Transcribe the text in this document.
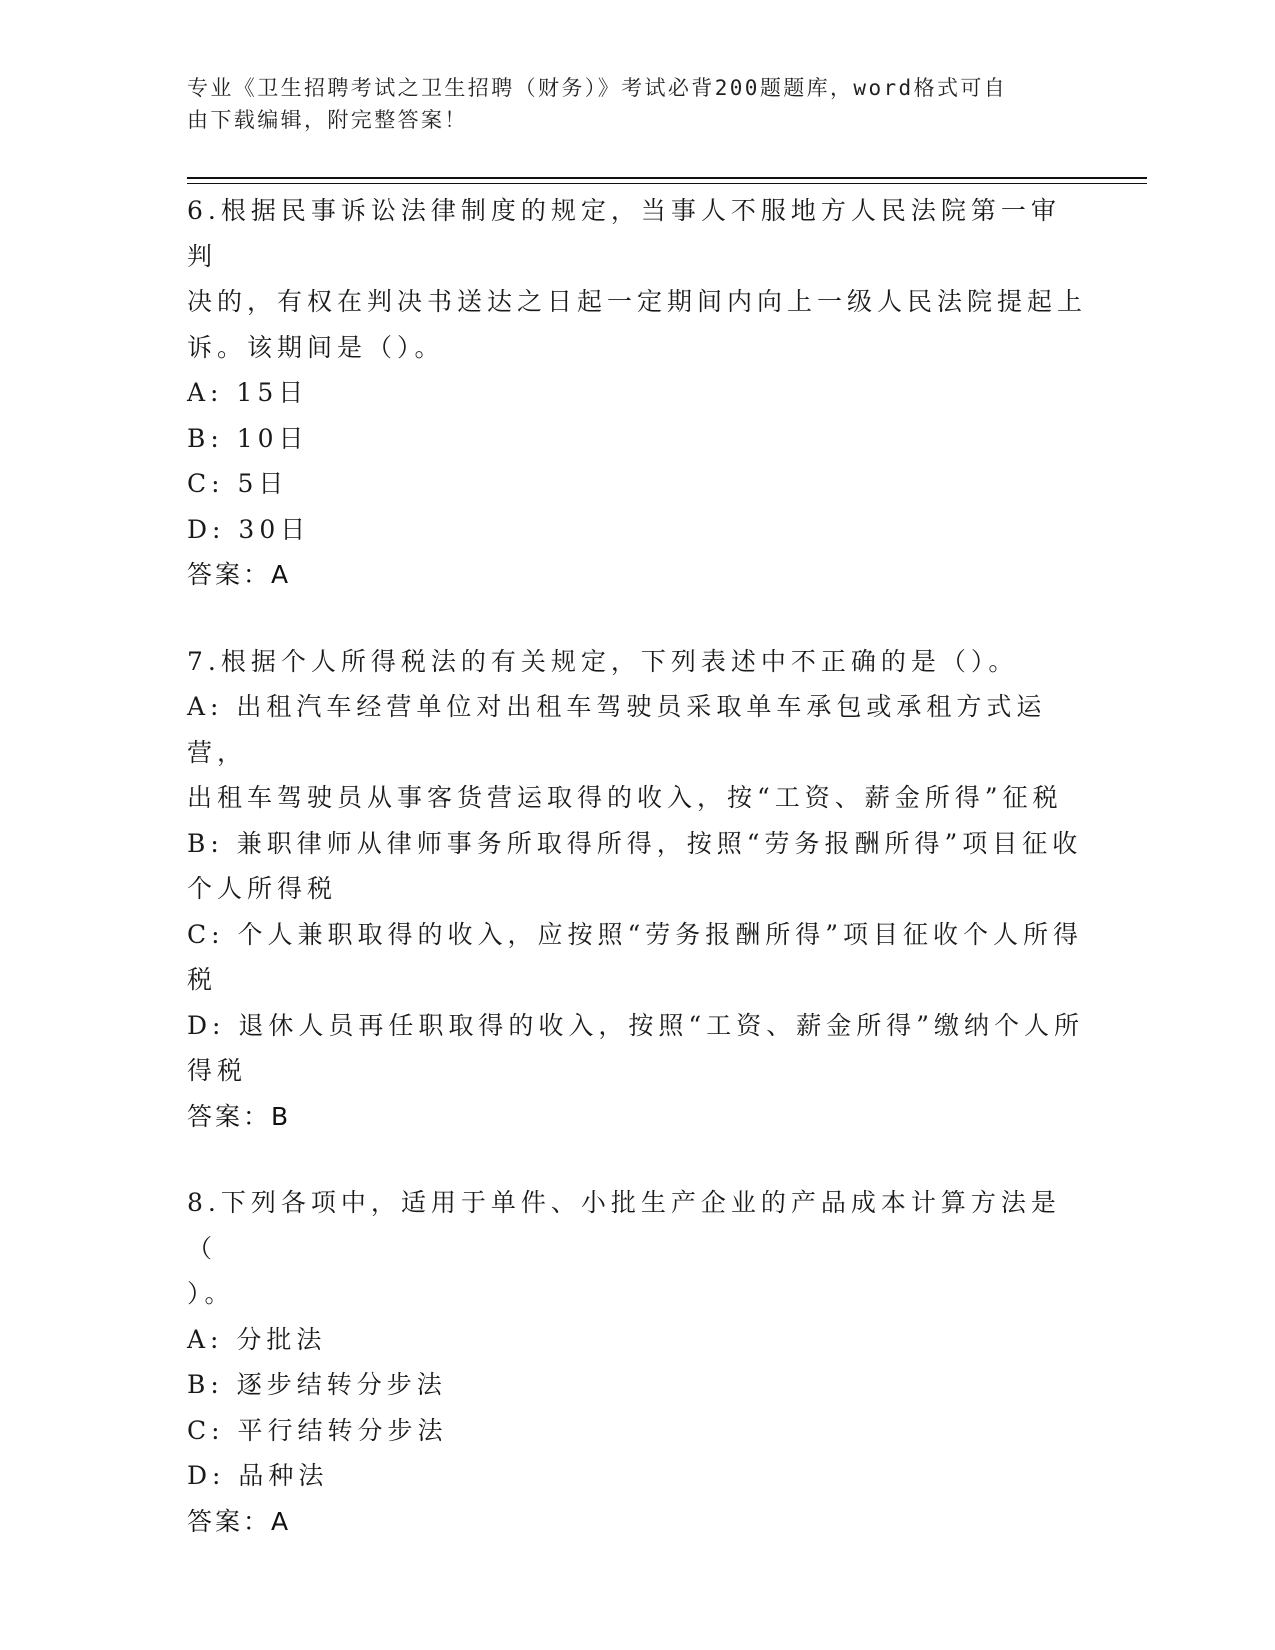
专业《卫生招聘考试之卫生招聘（财务）》考试必背200题题库，word格式可自
由下载编辑，附完整答案！

6.根据民事诉讼法律制度的规定，当事人不服地方人民法院第一审判

决的，有权在判决书送达之日起一定期间内向上一级人民法院提起上

诉。该期间是（）。

A: 15日

B: 10日

C: 5日

D: 30日

答案：A

7.根据个人所得税法的有关规定，下列表述中不正确的是（）。

A: 出租汽车经营单位对出租车驾驶员采取单车承包或承租方式运营，

出租车驾驶员从事客货营运取得的收入，按“工资、薪金所得”征税

B: 兼职律师从律师事务所取得所得，按照“劳务报酬所得”项目征收

个人所得税

C: 个人兼职取得的收入，应按照“劳务报酬所得”项目征收个人所得

税

D: 退休人员再任职取得的收入，按照“工资、薪金所得”缴纳个人所

得税

答案：B

8.下列各项中，适用于单件、小批生产企业的产品成本计算方法是（

）。

A: 分批法

B: 逐步结转分步法

C: 平行结转分步法

D: 品种法

答案：A
